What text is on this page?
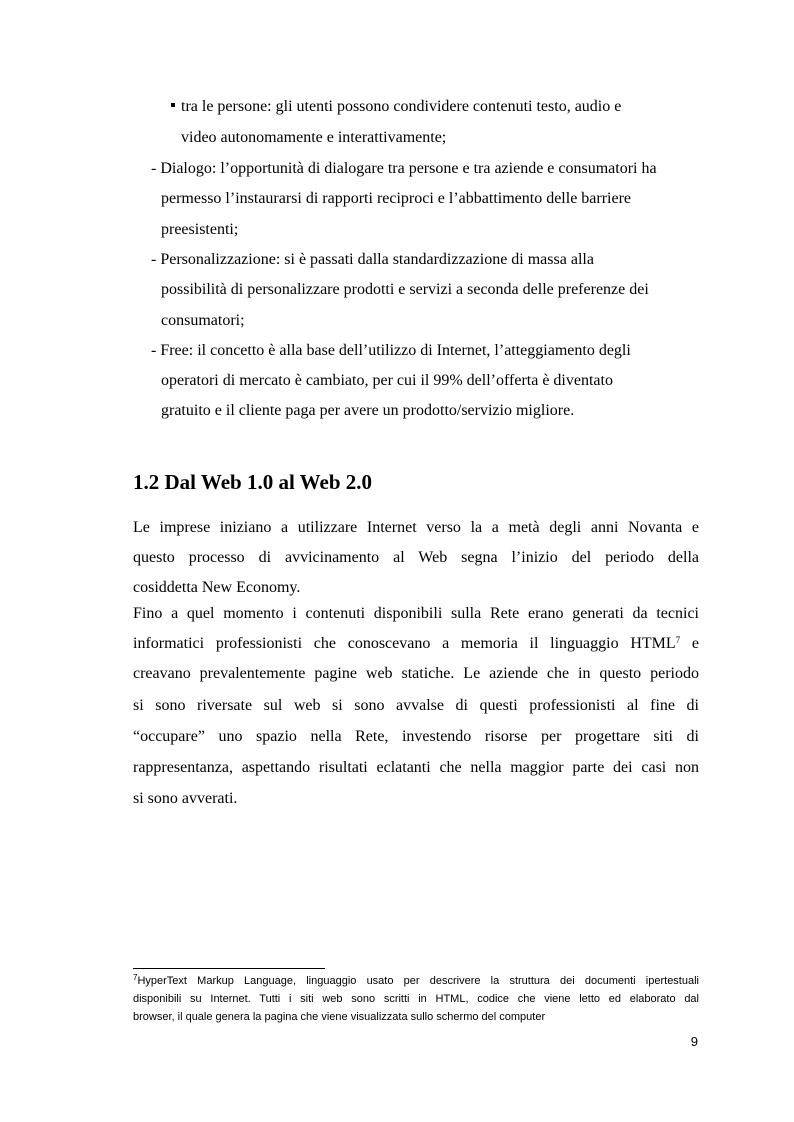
tra le persone: gli utenti possono condividere contenuti testo, audio e
video autonomamente e interattivamente;
- Dialogo: l’opportunità di dialogare tra persone e tra aziende e consumatori ha
permesso l’instaurarsi di rapporti reciproci e l’abbattimento delle barriere
preesistenti;
- Personalizzazione: si è passati dalla standardizzazione di massa alla
possibilità di personalizzare prodotti e servizi a seconda delle preferenze dei
consumatori;
- Free: il concetto è alla base dell’utilizzo di Internet, l’atteggiamento degli
operatori di mercato è cambiato, per cui il 99% dell’offerta è diventato
gratuito e il cliente paga per avere un prodotto/servizio migliore.
1.2 Dal Web 1.0 al Web 2.0
Le imprese iniziano a utilizzare Internet verso la a metà degli anni Novanta e
questo processo di avvicinamento al Web segna l’inizio del periodo della
cosiddetta New Economy.
Fino a quel momento i contenuti disponibili sulla Rete erano generati da tecnici
informatici professionisti che conoscevano a memoria il linguaggio HTML$^7$ e
creavano prevalentemente pagine web statiche. Le aziende che in questo periodo
si sono riversate sul web si sono avvalse di questi professionisti al fine di
“occupare” uno spazio nella Rete, investendo risorse per progettare siti di
rappresentanza, aspettando risultati eclatanti che nella maggior parte dei casi non
si sono avverati.
$^7$HyperText Markup Language, linguaggio usato per descrivere la struttura dei documenti ipertestuali
disponibili su Internet. Tutti i siti web sono scritti in HTML, codice che viene letto ed elaborato dal
browser, il quale genera la pagina che viene visualizzata sullo schermo del computer
9
